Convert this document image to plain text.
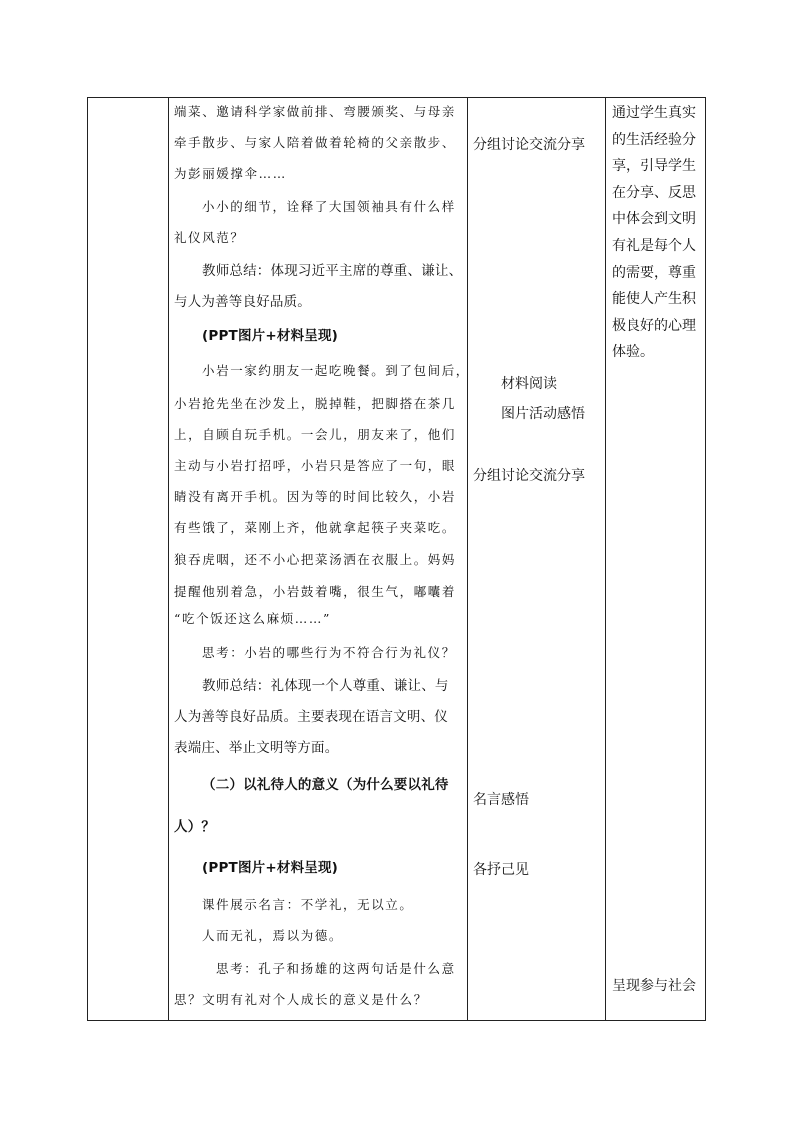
端菜、邀请科学家做前排、弯腰颁奖、与母亲
牵手散步、与家人陪着做着轮椅的父亲散步、
为彭丽媛撑伞……
小小的细节，诠释了大国领袖具有什么样
礼仪风范？
教师总结：体现习近平主席的尊重、谦让、
与人为善等良好品质。
(PPT图片+材料呈现)
小岩一家约朋友一起吃晚餐。到了包间后，
小岩抢先坐在沙发上，脱掉鞋，把脚搭在茶几
上，自顾自玩手机。一会儿，朋友来了，他们
主动与小岩打招呼，小岩只是答应了一句，眼
睛没有离开手机。因为等的时间比较久，小岩
有些饿了，菜刚上齐，他就拿起筷子夹菜吃。
狼吞虎咽，还不小心把菜汤洒在衣服上。妈妈
提醒他别着急，小岩鼓着嘴，很生气，嘟囔着
“吃个饭还这么麻烦……”
思考：小岩的哪些行为不符合行为礼仪？
教师总结：礼体现一个人尊重、谦让、与
人为善等良好品质。主要表现在语言文明、仪
表端庄、举止文明等方面。
（二）以礼待人的意义（为什么要以礼待
人）？
(PPT图片+材料呈现)
课件展示名言：不学礼，无以立。
人而无礼，焉以为德。
思考：孔子和扬雄的这两句话是什么意
思？文明有礼对个人成长的意义是什么？
分组讨论交流分享
材料阅读
图片活动感悟
分组讨论交流分享
名言感悟
各抒己见
通过学生真实
的生活经验分
享，引导学生
在分享、反思
中体会到文明
有礼是每个人
的需要，尊重
能使人产生积
极良好的心理
体验。
呈现参与社会
